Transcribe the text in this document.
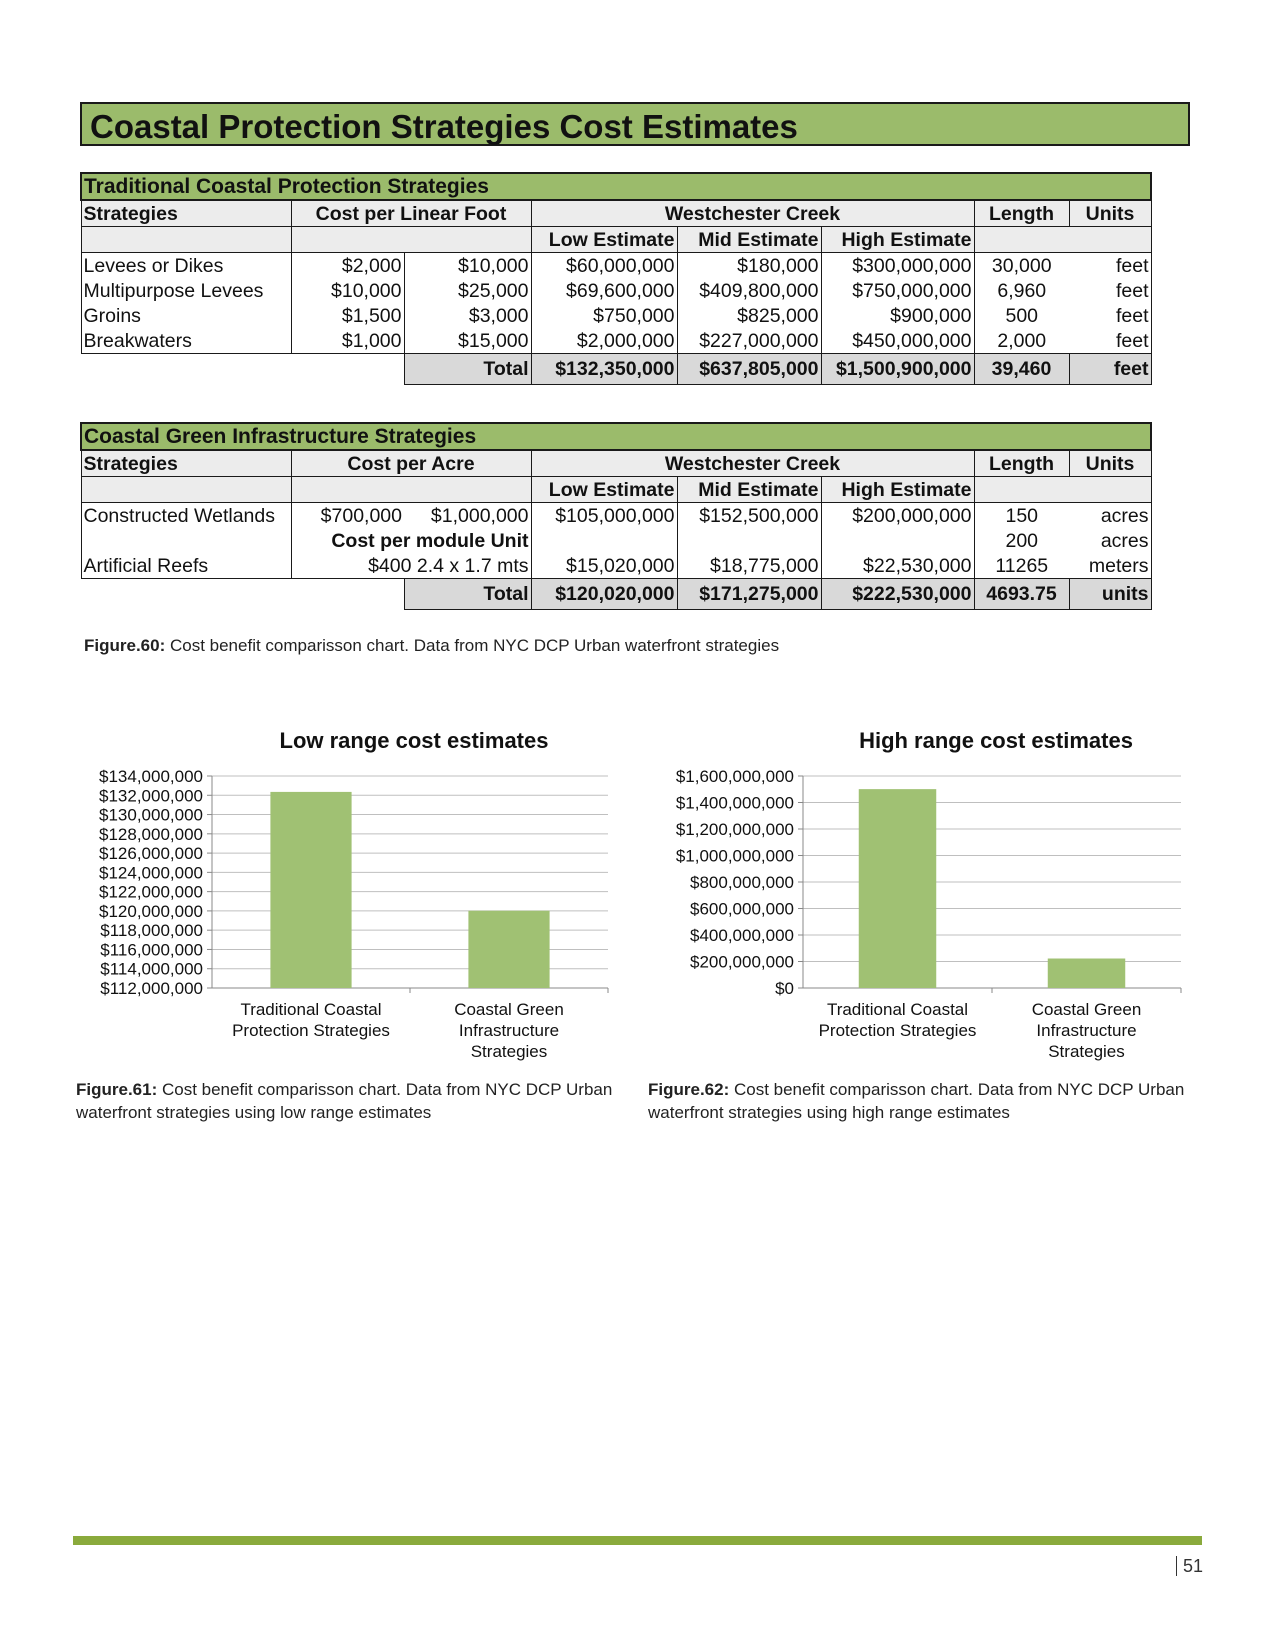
Coastal Protection Strategies Cost Estimates
Traditional Coastal Protection Strategies							
Strategies	Cost per Linear Foot		Westchester Creek			Length	Units
			Low Estimate	Mid Estimate	High Estimate		
Levees or Dikes	$2,000	$10,000	$60,000,000	$180,000	$300,000,000	30,000	feet
Multipurpose Levees	$10,000	$25,000	$69,600,000	$409,800,000	$750,000,000	6,960	feet
Groins	$1,500	$3,000	$750,000	$825,000	$900,000	500	feet
Breakwaters	$1,000	$15,000	$2,000,000	$227,000,000	$450,000,000	2,000	feet
		Total	$132,350,000	$637,805,000	$1,500,900,000	39,460	feet
Coastal Green Infrastructure Strategies							
Strategies	Cost per Acre		Westchester Creek			Length	Units
			Low Estimate	Mid Estimate	High Estimate		
Constructed Wetlands	$700,000	$1,000,000	$105,000,000	$152,500,000	$200,000,000	150	acres
	Cost per module Unit					200	acres
Artificial Reefs	$400 2.4 x 1.7 mts		$15,020,000	$18,775,000	$22,530,000	11265	meters
		Total	$120,020,000	$171,275,000	$222,530,000	4693.75	units
Figure.60: Cost benefit comparisson chart. Data from NYC DCP Urban waterfront strategies
Low range cost estimates
$112,000,000
$114,000,000
$116,000,000
$118,000,000
$120,000,000
$122,000,000
$124,000,000
$126,000,000
$128,000,000
$130,000,000
$132,000,000
$134,000,000
Traditional Coastal
Protection Strategies
Coastal Green
Infrastructure
Strategies
High range cost estimates
$0
$200,000,000
$400,000,000
$600,000,000
$800,000,000
$1,000,000,000
$1,200,000,000
$1,400,000,000
$1,600,000,000
Traditional Coastal
Protection Strategies
Coastal Green
Infrastructure
Strategies
Figure.61: Cost benefit comparisson chart. Data from NYC DCP Urban waterfront strategies using low range estimates
Figure.62: Cost benefit comparisson chart. Data from NYC DCP Urban waterfront strategies using high range estimates
51
